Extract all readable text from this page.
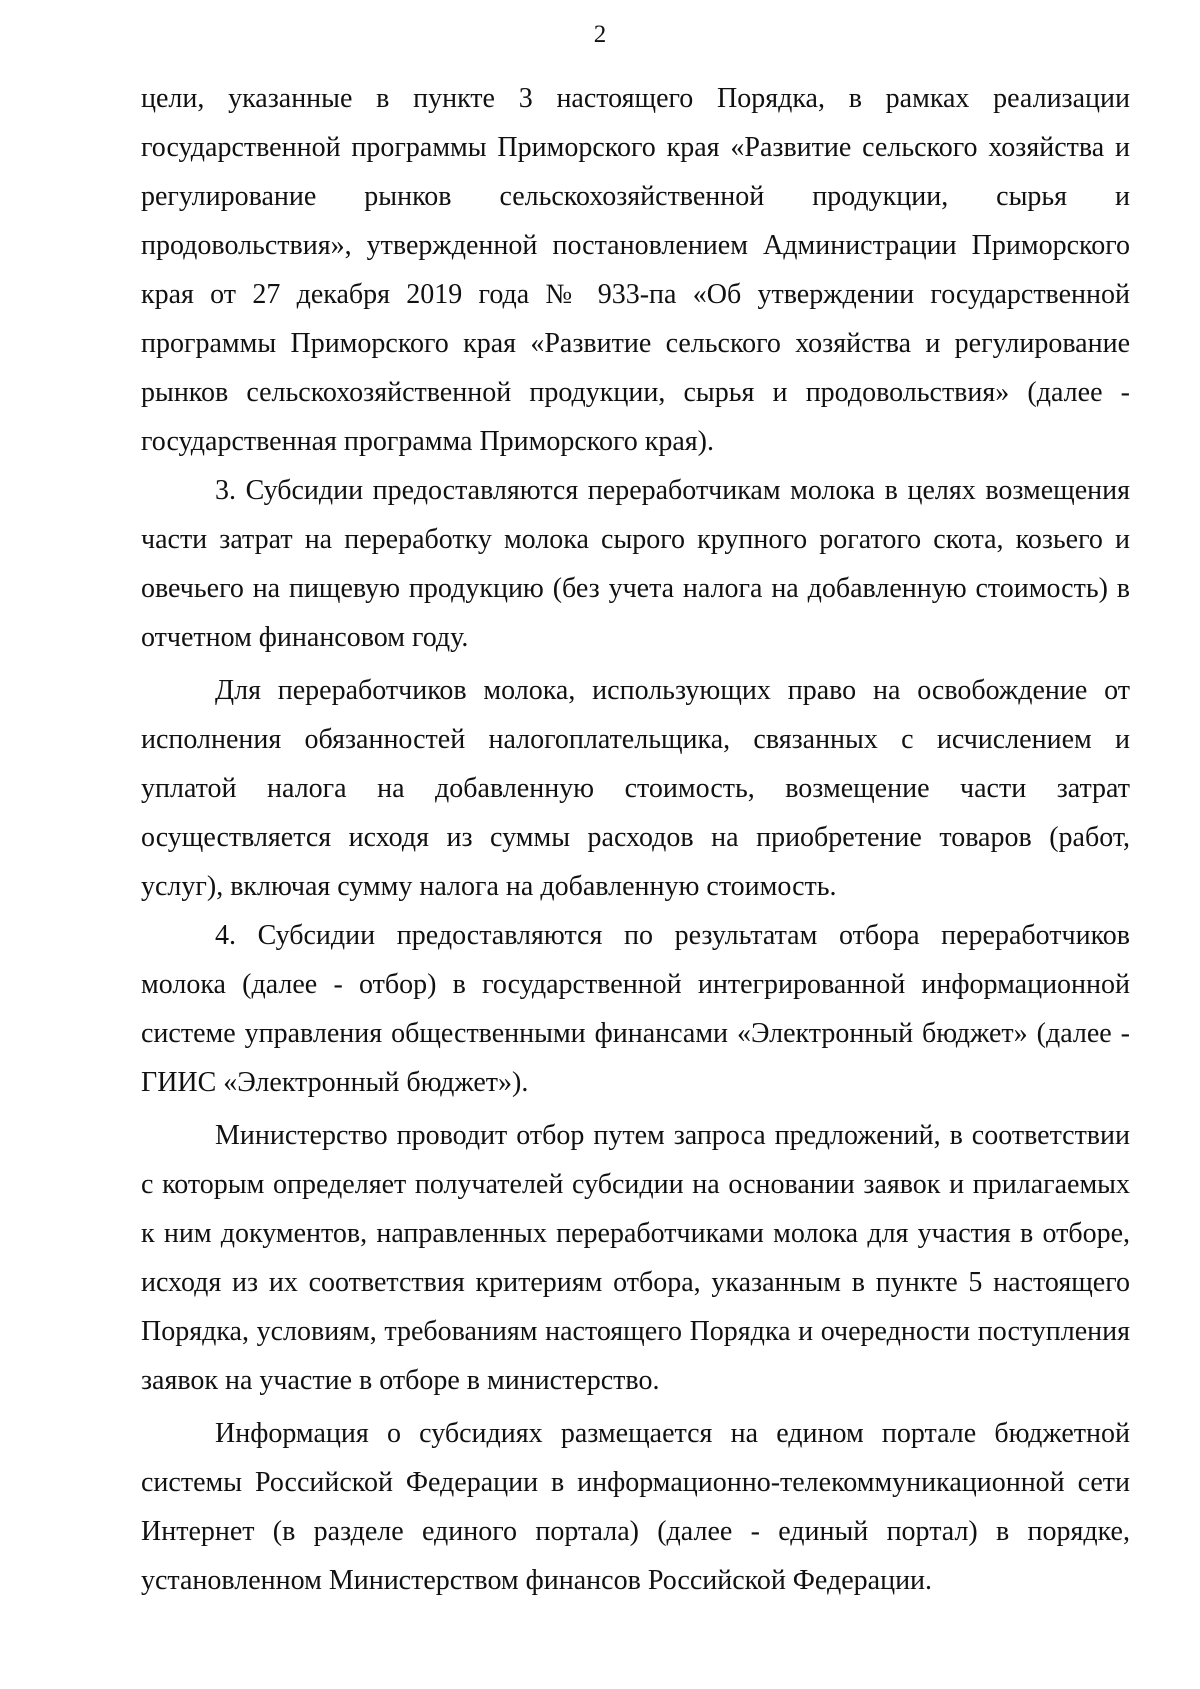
2

цели, указанные в пункте 3 настоящего Порядка, в рамках реализации государственной программы Приморского края «Развитие сельского хозяйства и регулирование рынков сельскохозяйственной продукции, сырья и продовольствия», утвержденной постановлением Администрации Приморского края от 27 декабря 2019 года № 933-па «Об утверждении государственной программы Приморского края «Развитие сельского хозяйства и регулирование рынков сельскохозяйственной продукции, сырья и продовольствия» (далее - государственная программа Приморского края).

3. Субсидии предоставляются переработчикам молока в целях возмещения части затрат на переработку молока сырого крупного рогатого скота, козьего и овечьего на пищевую продукцию (без учета налога на добавленную стоимость) в отчетном финансовом году.

Для переработчиков молока, использующих право на освобождение от исполнения обязанностей налогоплательщика, связанных с исчислением и уплатой налога на добавленную стоимость, возмещение части затрат осуществляется исходя из суммы расходов на приобретение товаров (работ, услуг), включая сумму налога на добавленную стоимость.

4. Субсидии предоставляются по результатам отбора переработчиков молока (далее - отбор) в государственной интегрированной информационной системе управления общественными финансами «Электронный бюджет» (далее - ГИИС «Электронный бюджет»).

Министерство проводит отбор путем запроса предложений, в соответствии с которым определяет получателей субсидии на основании заявок и прилагаемых к ним документов, направленных переработчиками молока для участия в отборе, исходя из их соответствия критериям отбора, указанным в пункте 5 настоящего Порядка, условиям, требованиям настоящего Порядка и очередности поступления заявок на участие в отборе в министерство.

Информация о субсидиях размещается на едином портале бюджетной системы Российской Федерации в информационно-телекоммуникационной сети Интернет (в разделе единого портала) (далее - единый портал) в порядке, установленном Министерством финансов Российской Федерации.
